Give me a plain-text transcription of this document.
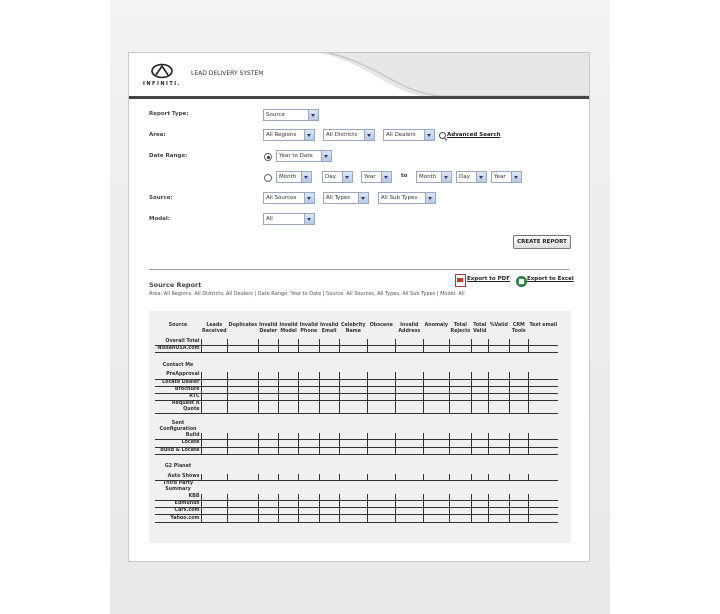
INFINITI.
LEAD DELIVERY SYSTEM
Report Type:	Source
Area:	All Regions	All Districts	All Dealers	Advanced Search
Date Range:	Year to Date
Month	Day	Year	to	Month	Day	Year
Source:	All Sources	All Types	All Sub Types
Model:	All
CREATE REPORT
Export to PDF	Export to Excel
Source Report
Area: All Regions, All Districts, All Dealers | Date Range: Year to Date | Source: All Sources, All Types, All Sub Types | Model: All
Source	Leads Received	Duplicates	Invalid Dealer	Invalid Model	Invalid Phone	Invalid Email	Celebrity Name	Obscene	Invalid Address	Anomaly	Total Rejects	Total Valid	%Valid	CRM Tools	Text email
Overall Total															
NissanUSA.com															

Contact Me															
PreApproval															
Locate Dealer															
Brochure															
RTC															
Request A Quote															

Sent Configuration															
Build															
Locate															
Build & Locate															

G2 Planet															
Auto Shows															
Third Party Summary															
KBB															
Edmunds															
Cars.com															
Yahoo.com															
